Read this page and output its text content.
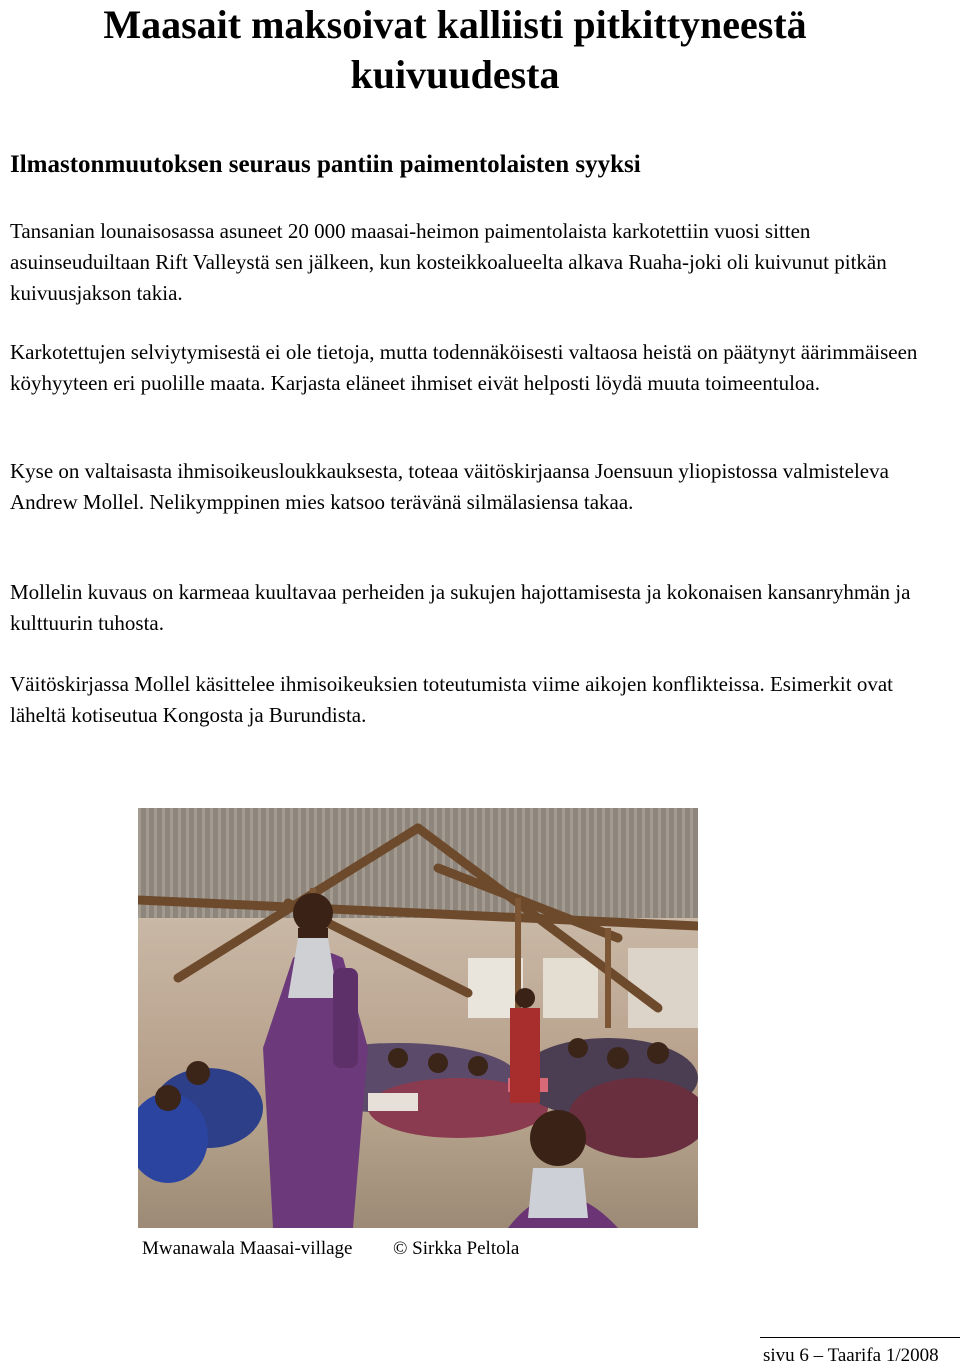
Maasait maksoivat kalliisti pitkittyneestä kuivuudesta
Ilmastonmuutoksen seuraus pantiin paimentolaisten syyksi

Tansanian lounaisosassa asuneet 20 000 maasai-heimon paimentolaista karkotettiin vuosi sitten asuinseuduiltaan Rift Valleystä sen jälkeen, kun kosteikkoalueelta alkava Ruaha-joki oli kuivunut pitkän kuivuusjakson takia.

Karkotettujen selviytymisestä ei ole tietoja, mutta todennäköisesti valtaosa heistä on päätynyt äärimmäiseen köyhyyteen eri puolille maata. Karjasta eläneet ihmiset eivät helposti löydä muuta toimeentuloa.

Kyse on valtaisasta ihmisoikeusloukkauksesta, toteaa väitöskirjaansa Joensuun yliopistossa valmisteleva Andrew Mollel. Nelikymppinen mies katsoo terävänä silmälasiensa takaa.

Mollelin kuvaus on karmeaa kuultavaa perheiden ja sukujen hajottamisesta ja kokonaisen kansanryhmän ja kulttuurin tuhosta.

Väitöskirjassa Mollel käsittelee ihmisoikeuksien toteutumista viime aikojen konflikteissa. Esimerkit ovat läheltä kotiseutua Kongosta ja Burundista.

Mwanawala Maasai-village © Sirkka Peltola

sivu 6 – Taarifa 1/2008
